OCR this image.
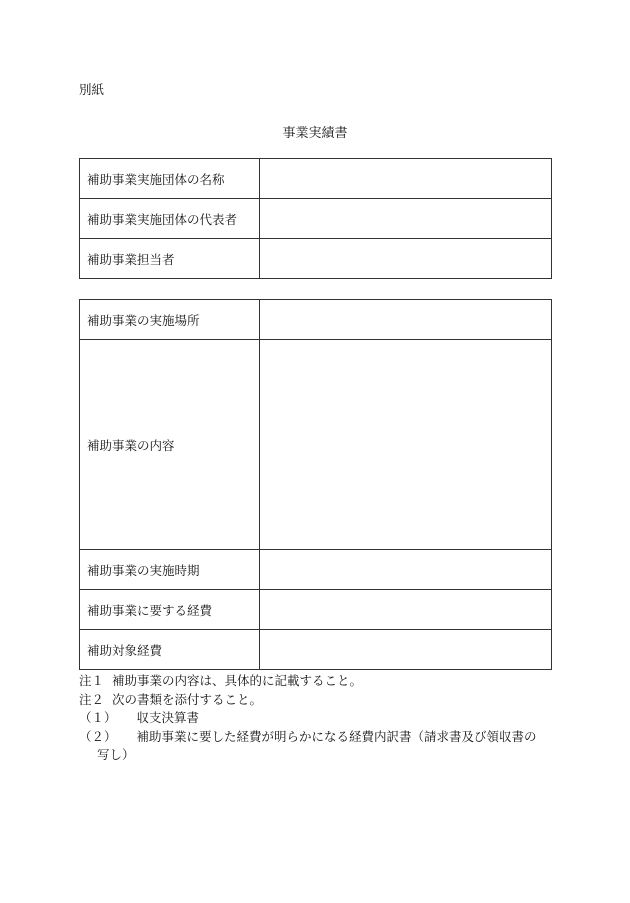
別紙
事業実績書
補助事業実施団体の名称	
補助事業実施団体の代表者	
補助事業担当者	
補助事業の実施場所	
補助事業の内容	
補助事業の実施時期	
補助事業に要する経費	
補助対象経費	
注１ 補助事業の内容は、具体的に記載すること。
注２ 次の書類を添付すること。
（１） 収支決算書
（２） 補助事業に要した経費が明らかになる経費内訳書（請求書及び領収書の
写し）
